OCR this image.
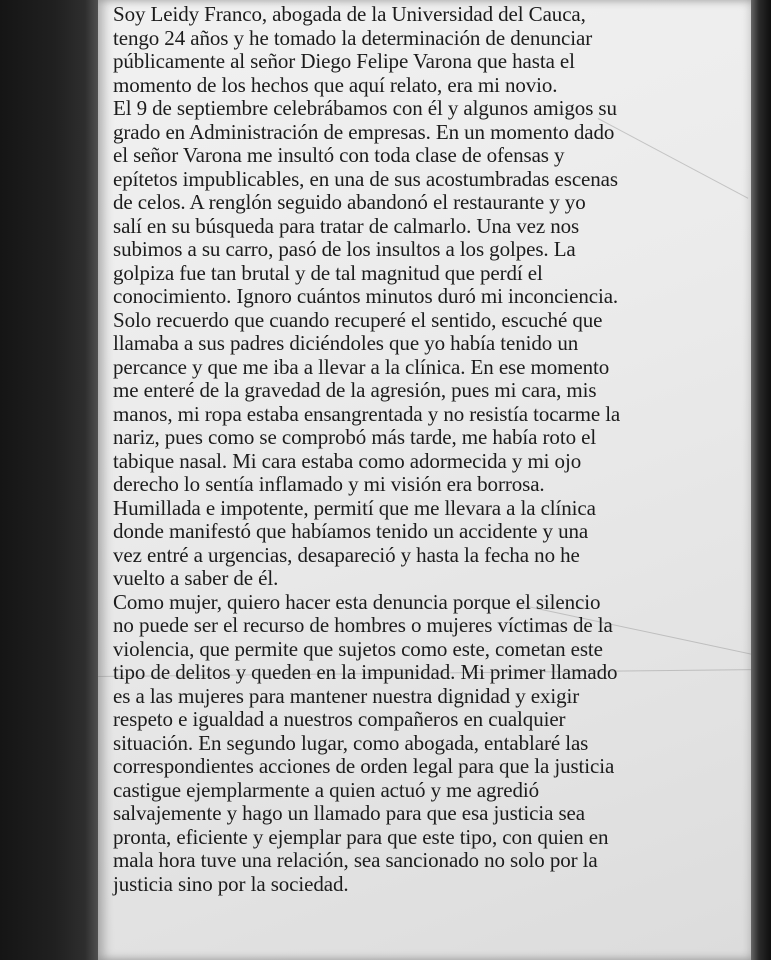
Soy Leidy Franco, abogada de la Universidad del Cauca,
tengo 24 años y he tomado la determinación de denunciar
públicamente al señor Diego Felipe Varona que hasta el
momento de los hechos que aquí relato, era mi novio.
El 9 de septiembre celebrábamos con él y algunos amigos su
grado en Administración de empresas. En un momento dado
el señor Varona me insultó con toda clase de ofensas y
epítetos impublicables, en una de sus acostumbradas escenas
de celos. A renglón seguido abandonó el restaurante y yo
salí en su búsqueda para tratar de calmarlo. Una vez nos
subimos a su carro, pasó de los insultos a los golpes. La
golpiza fue tan brutal y de tal magnitud que perdí el
conocimiento. Ignoro cuántos minutos duró mi inconciencia.
Solo recuerdo que cuando recuperé el sentido, escuché que
llamaba a sus padres diciéndoles que yo había tenido un
percance y que me iba a llevar a la clínica. En ese momento
me enteré de la gravedad de la agresión, pues mi cara, mis
manos, mi ropa estaba ensangrentada y no resistía tocarme la
nariz, pues como se comprobó más tarde, me había roto el
tabique nasal. Mi cara estaba como adormecida y mi ojo
derecho lo sentía inflamado y mi visión era borrosa.
Humillada e impotente, permití que me llevara a la clínica
donde manifestó que habíamos tenido un accidente y una
vez entré a urgencias, desapareció y hasta la fecha no he
vuelto a saber de él.
Como mujer, quiero hacer esta denuncia porque el silencio
no puede ser el recurso de hombres o mujeres víctimas de la
violencia, que permite que sujetos como este, cometan este
tipo de delitos y queden en la impunidad. Mi primer llamado
es a las mujeres para mantener nuestra dignidad y exigir
respeto e igualdad a nuestros compañeros en cualquier
situación. En segundo lugar, como abogada, entablaré las
correspondientes acciones de orden legal para que la justicia
castigue ejemplarmente a quien actuó y me agredió
salvajemente y hago un llamado para que esa justicia sea
pronta, eficiente y ejemplar para que este tipo, con quien en
mala hora tuve una relación, sea sancionado no solo por la
justicia sino por la sociedad.
